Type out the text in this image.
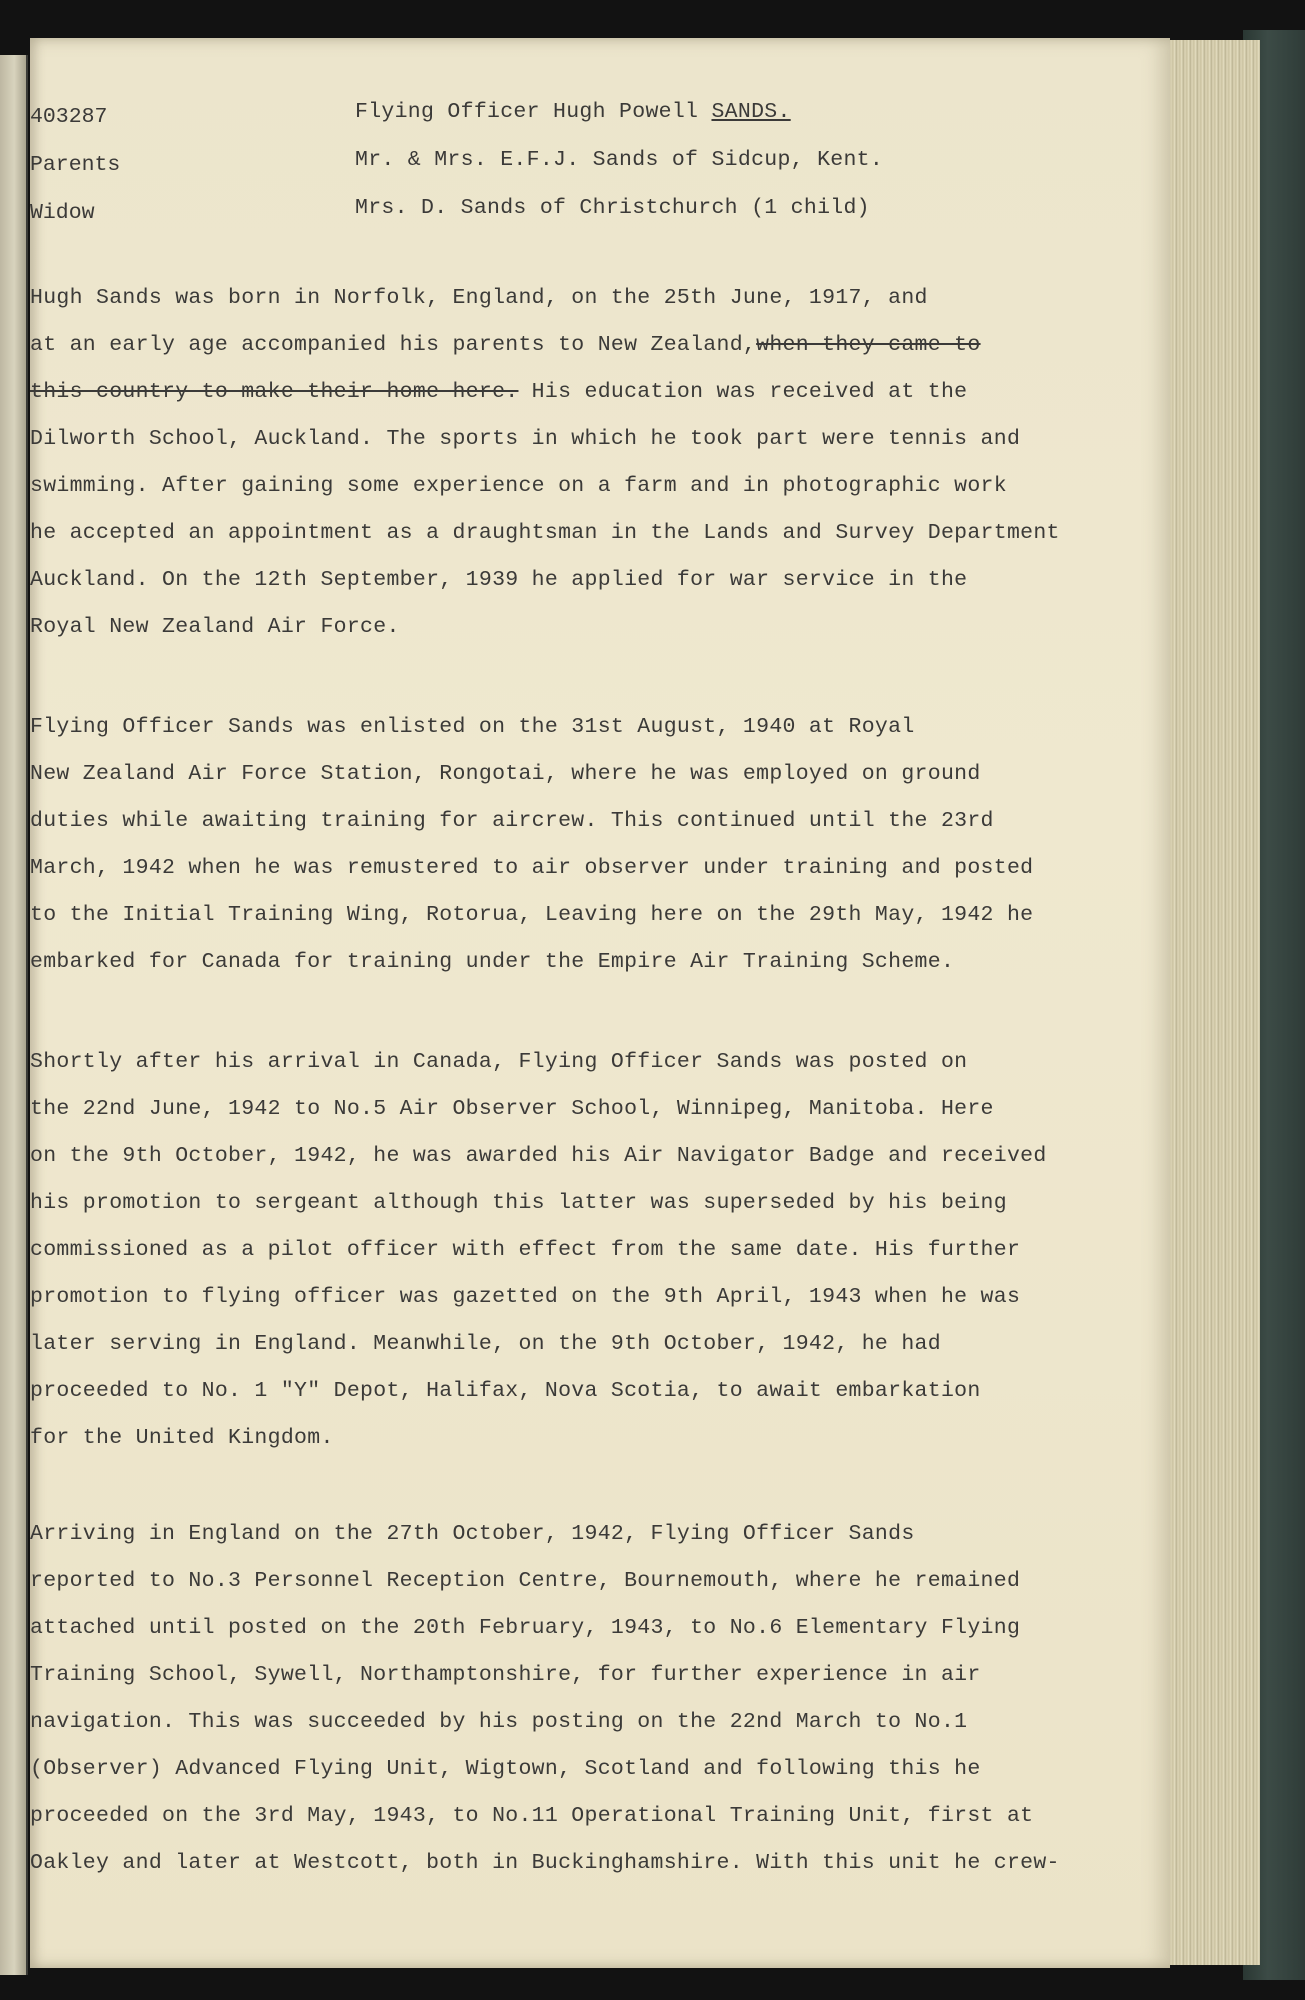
403287	Flying Officer Hugh Powell SANDS.
Parents	Mr. & Mrs. E.F.J. Sands of Sidcup, Kent.
Widow	Mrs. D. Sands of Christchurch (1 child)
Hugh Sands was born in Norfolk, England, on the 25th June, 1917, and
at an early age accompanied his parents to New Zealand,when they came to
this country to make their home here. His education was received at the
Dilworth School, Auckland. The sports in which he took part were tennis and
swimming. After gaining some experience on a farm and in photographic work
he accepted an appointment as a draughtsman in the Lands and Survey Department
Auckland. On the 12th September, 1939 he applied for war service in the
Royal New Zealand Air Force.
Flying Officer Sands was enlisted on the 31st August, 1940 at Royal
New Zealand Air Force Station, Rongotai, where he was employed on ground
duties while awaiting training for aircrew. This continued until the 23rd
March, 1942 when he was remustered to air observer under training and posted
to the Initial Training Wing, Rotorua, Leaving here on the 29th May, 1942 he
embarked for Canada for training under the Empire Air Training Scheme.
Shortly after his arrival in Canada, Flying Officer Sands was posted on
the 22nd June, 1942 to No.5 Air Observer School, Winnipeg, Manitoba. Here
on the 9th October, 1942, he was awarded his Air Navigator Badge and received
his promotion to sergeant although this latter was superseded by his being
commissioned as a pilot officer with effect from the same date. His further
promotion to flying officer was gazetted on the 9th April, 1943 when he was
later serving in England. Meanwhile, on the 9th October, 1942, he had
proceeded to No. 1 "Y" Depot, Halifax, Nova Scotia, to await embarkation
for the United Kingdom.
Arriving in England on the 27th October, 1942, Flying Officer Sands
reported to No.3 Personnel Reception Centre, Bournemouth, where he remained
attached until posted on the 20th February, 1943, to No.6 Elementary Flying
Training School, Sywell, Northamptonshire, for further experience in air
navigation. This was succeeded by his posting on the 22nd March to No.1
(Observer) Advanced Flying Unit, Wigtown, Scotland and following this he
proceeded on the 3rd May, 1943, to No.11 Operational Training Unit, first at
Oakley and later at Westcott, both in Buckinghamshire. With this unit he crew-
